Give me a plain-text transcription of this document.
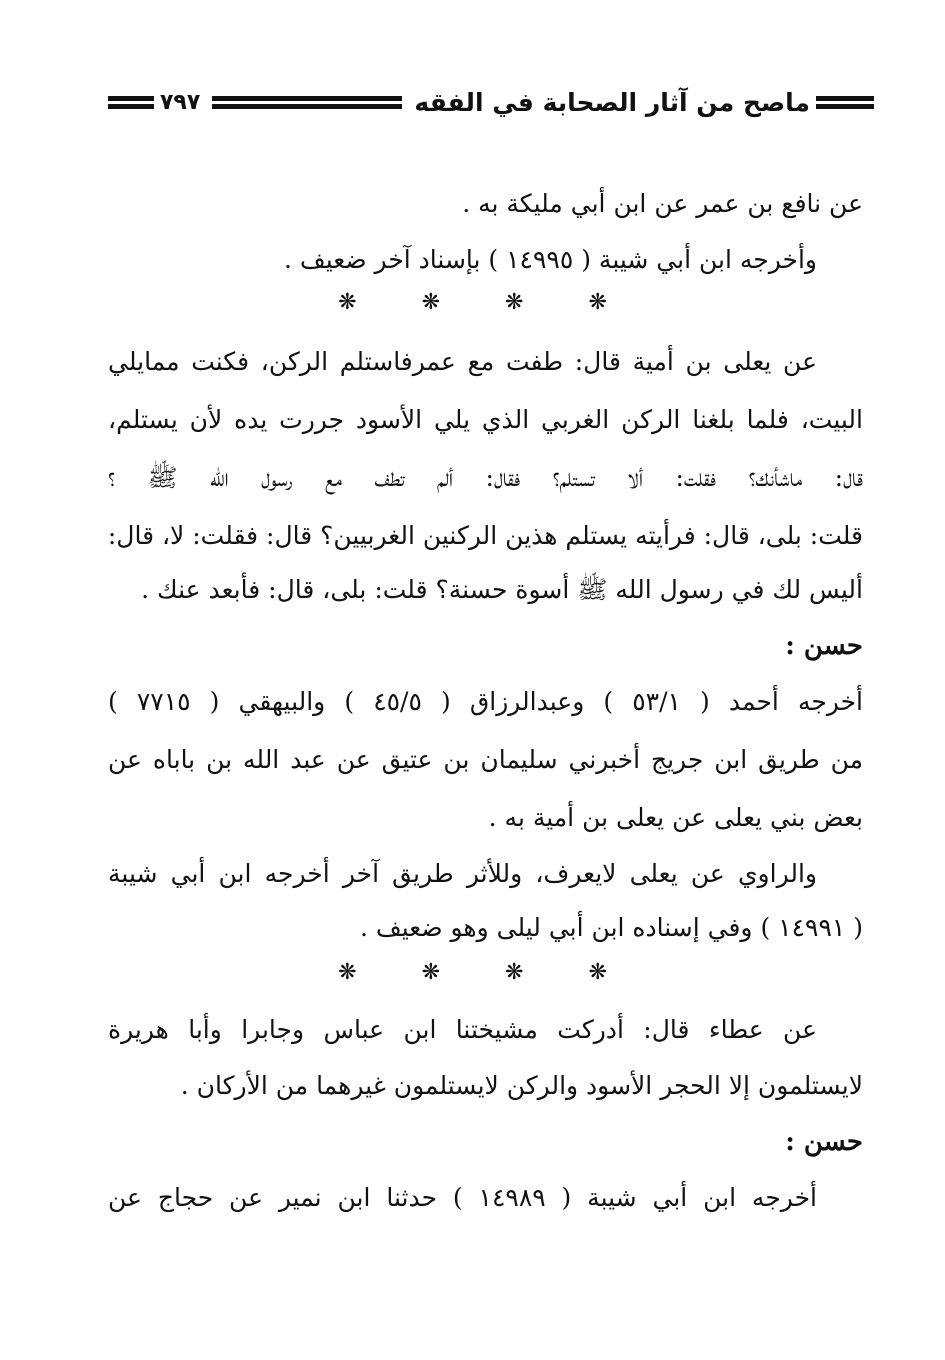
ماصح من آثار الصحابة في الفقه
٧٩٧
عن نافع بن عمر عن ابن أبي مليكة به .
وأخرجه ابن أبي شيبة ( ١٤٩٩٥ ) بإسناد آخر ضعيف .
❋	❋	❋	❋
عن يعلى بن أمية قال: طفت مع عمرفاستلم الركن، فكنت ممايلي
البيت، فلما بلغنا الركن الغربي الذي يلي الأسود جررت يده لأن يستلم،
قال: ماشأنك؟ فقلت: ألا تستلم؟ فقال: ألم تطف مع رسول الله ﷺ ؟
قلت: بلى، قال: فرأيته يستلم هذين الركنين الغربيين؟ قال: فقلت: لا، قال:
أليس لك في رسول الله ﷺ أسوة حسنة؟ قلت: بلى، قال: فأبعد عنك .
حسن :
أخرجه أحمد ( ٥٣/١ ) وعبدالرزاق ( ٤٥/٥ ) والبيهقي ( ٧٧١٥ )
من طريق ابن جريج أخبرني سليمان بن عتيق عن عبد الله بن باباه عن
بعض بني يعلى عن يعلى بن أمية به .
والراوي عن يعلى لايعرف، وللأثر طريق آخر أخرجه ابن أبي شيبة
( ١٤٩٩١ ) وفي إسناده ابن أبي ليلى وهو ضعيف .
❋	❋	❋	❋
عن عطاء قال: أدركت مشيختنا ابن عباس وجابرا وأبا هريرة
لايستلمون إلا الحجر الأسود والركن لايستلمون غيرهما من الأركان .
حسن :
أخرجه ابن أبي شيبة ( ١٤٩٨٩ ) حدثنا ابن نمير عن حجاج عن
